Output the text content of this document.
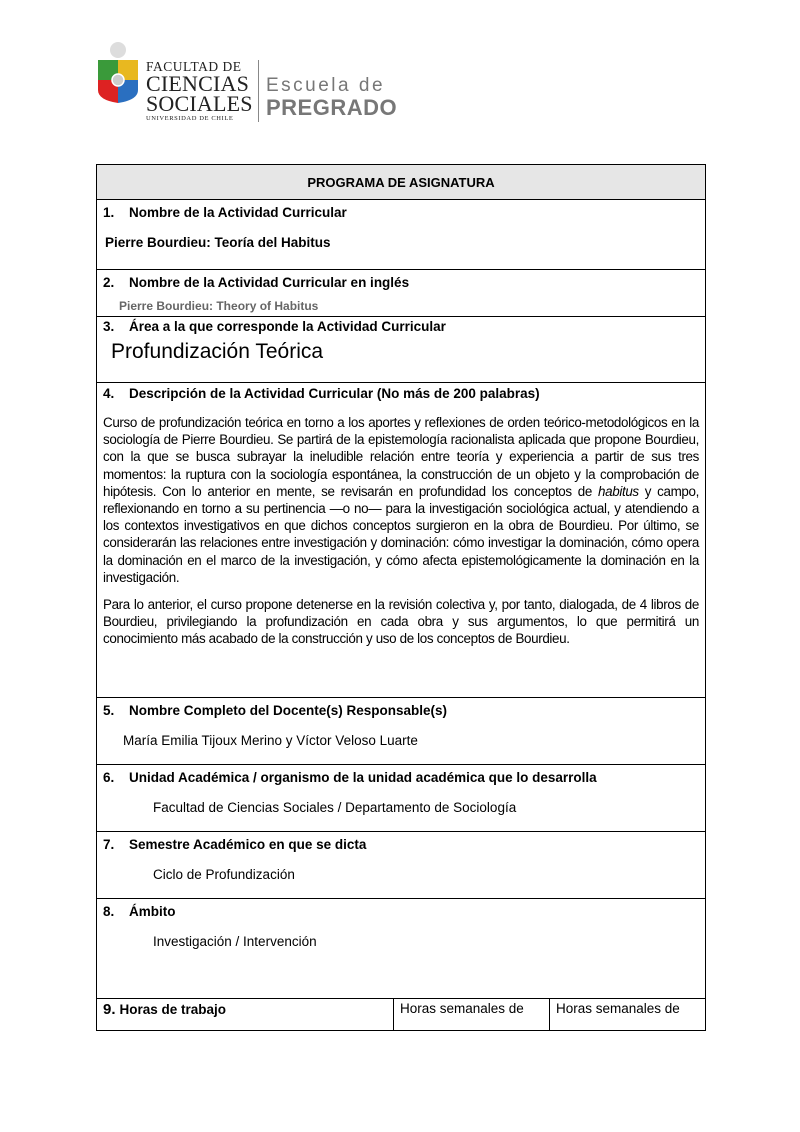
FACULTAD DE
CIENCIAS
SOCIALES
UNIVERSIDAD DE CHILE
Escuela de
PREGRADO
PROGRAMA DE ASIGNATURA

1. Nombre de la Actividad Curricular
Pierre Bourdieu: Teoría del Habitus

2. Nombre de la Actividad Curricular en inglés
Pierre Bourdieu: Theory of Habitus

3. Área a la que corresponde la Actividad Curricular
Profundización Teórica

4. Descripción de la Actividad Curricular (No más de 200 palabras)

Curso de profundización teórica en torno a los aportes y reflexiones de orden teórico-metodológicos en la sociología de Pierre Bourdieu. Se partirá de la epistemología racionalista aplicada que propone Bourdieu, con la que se busca subrayar la ineludible relación entre teoría y experiencia a partir de sus tres momentos: la ruptura con la sociología espontánea, la construcción de un objeto y la comprobación de hipótesis. Con lo anterior en mente, se revisarán en profundidad los conceptos de habitus y campo, reflexionando en torno a su pertinencia —o no— para la investigación sociológica actual, y atendiendo a los contextos investigativos en que dichos conceptos surgieron en la obra de Bourdieu. Por último, se considerarán las relaciones entre investigación y dominación: cómo investigar la dominación, cómo opera la dominación en el marco de la investigación, y cómo afecta epistemológicamente la dominación en la investigación.

Para lo anterior, el curso propone detenerse en la revisión colectiva y, por tanto, dialogada, de 4 libros de Bourdieu, privilegiando la profundización en cada obra y sus argumentos, lo que permitirá un conocimiento más acabado de la construcción y uso de los conceptos de Bourdieu.

5. Nombre Completo del Docente(s) Responsable(s)
María Emilia Tijoux Merino y Víctor Veloso Luarte

6. Unidad Académica / organismo de la unidad académica que lo desarrolla
Facultad de Ciencias Sociales / Departamento de Sociología

7. Semestre Académico en que se dicta
Ciclo de Profundización

8. Ámbito
Investigación / Intervención

9. Horas de trabajo	Horas semanales de	Horas semanales de
